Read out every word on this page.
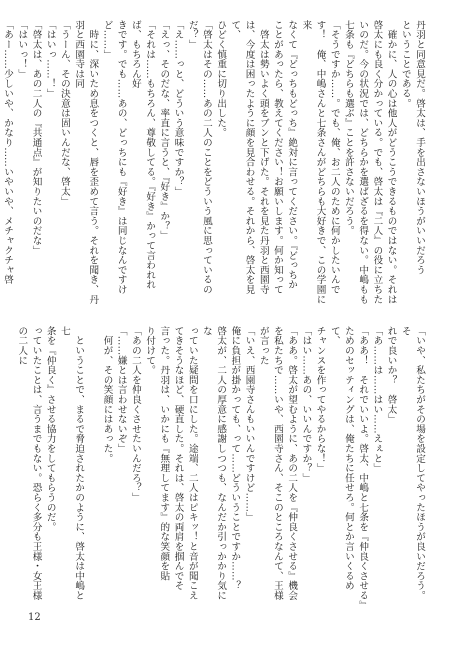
丹羽と同意見だ。啓太は、手を出さないほうがいいだろう
ということである。
　確かに、人の心は他人がどうこうできるものではない。それは
啓太にも良く分かっている。でも、啓太は『二人』の役に立ちたいのだ。今の状況では、どちらかを選ばざるを得ない。中嶋もも
七条も『どちらも選ぶ』ことを許さないだろう。
「そうですか……。でも、俺、お二人のために何かしたいんで
す！　俺、中嶋さんと七条さんがどちらも大好きで、この学園に来
なくて『どっちもどっち』絶対に言ってください。『どっちか
ことがあったら、教えてください！お願いします。何か知って
　啓太は勢いよく頭をブンと下げた。それを見た丹羽と西園寺
は、今度は困ったように顔を見合わせる。それから、啓太を見て、
ひどく慎重に切り出した。
「啓太はその……あの二人のことをどういう風に思っているの
だ？」
「え……っと、どういう意味ですか？」
「えっ、そのだな、率直に言うと、『好き』か？」
「それは……もちろん、尊敬してる。『好き』かって言われれば、もちろん好
きです。でも……あの、どっちにも『好き』は同じなんですけど……」
　時に、深いため息をつくと、唇を歪めて言う。それを聞き、丹羽と西園寺は同
「うーん、その決意は固いんだな、啓太」
「はいっ……！」
「啓太は、あの二人の『共通点』が知りたいのだな」
「はいっ！」
「あー……少しいや、かなり……いやいや、メチャクチャ啓
「いや、私たちがその場を設定してやったほうが良いだろう。そ
れで良いか？　啓太」
「あ……は……はい……えぇと」
「ああ！　それでいいよ。啓太、中嶋と七条を『仲良くさせる』
ためのセッティングは、俺たちに任せろ。何とか言いくるめて、
チャンスを作ってやるからな！」
「はい……あの、いいんですか？」
「ああ。啓太が望むように、あの二人を『仲良くさせる』機会
を私たちで……いや、西園寺さん、そこのところなんて、王様が言った
「いえ、西園寺さんもいいんですけど……」
俺に負担が掛かっても、って……どういうことですか……？
啓太が、二人の厚意に感謝しつつも、なんだか引っかかり気にな
っていた疑問を口にした。途端、二人はピキッ！と音が聞こえ
てきそうなほど、硬直した。それは、啓太の両肩を掴んでそ
言った。丹羽は、いかにも『無理してます』的な笑顔を貼
り付けて。
「あの二人を仲良くさせたいんだろ？」
「……嫌とは言わせないぞ」
　何が、その笑顔にはあった。

　ということで、まるで脅迫されたかのように、啓太は中嶋と七
条を『仲良く』させる協力をしてもらうのだ。
っていたことは、言うまでもない。恐らく多分も王様・女王様の二人に

12
